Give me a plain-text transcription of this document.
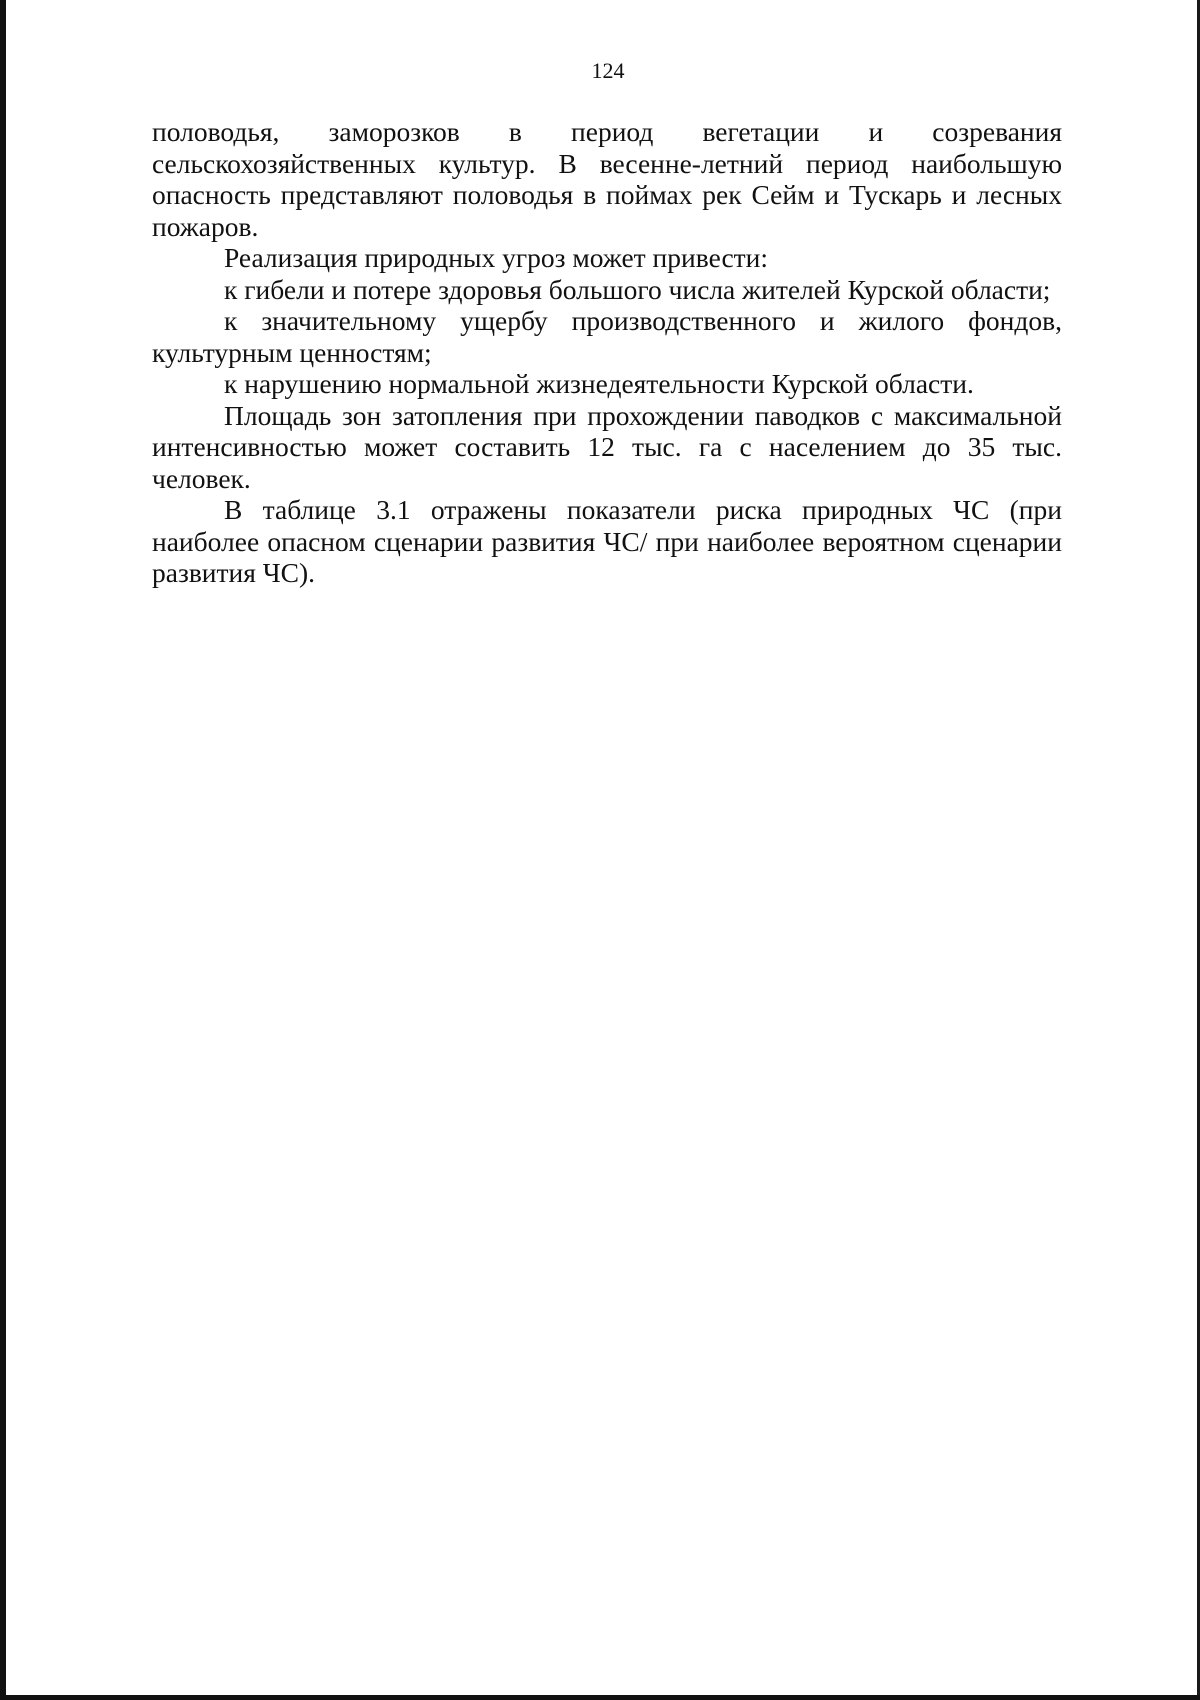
124

половодья, заморозков в период вегетации и созревания сельскохозяйственных культур. В весенне-летний период наибольшую опасность представляют половодья в поймах рек Сейм и Тускарь и лесных пожаров.

Реализация природных угроз может привести:

к гибели и потере здоровья большого числа жителей Курской области;

к значительному ущербу производственного и жилого фондов, культурным ценностям;

к нарушению нормальной жизнедеятельности Курской области.

Площадь зон затопления при прохождении паводков с максимальной интенсивностью может составить 12 тыс. га с населением до 35 тыс. человек.

В таблице 3.1 отражены показатели риска природных ЧС (при наиболее опасном сценарии развития ЧС/ при наиболее вероятном сценарии развития ЧС).
